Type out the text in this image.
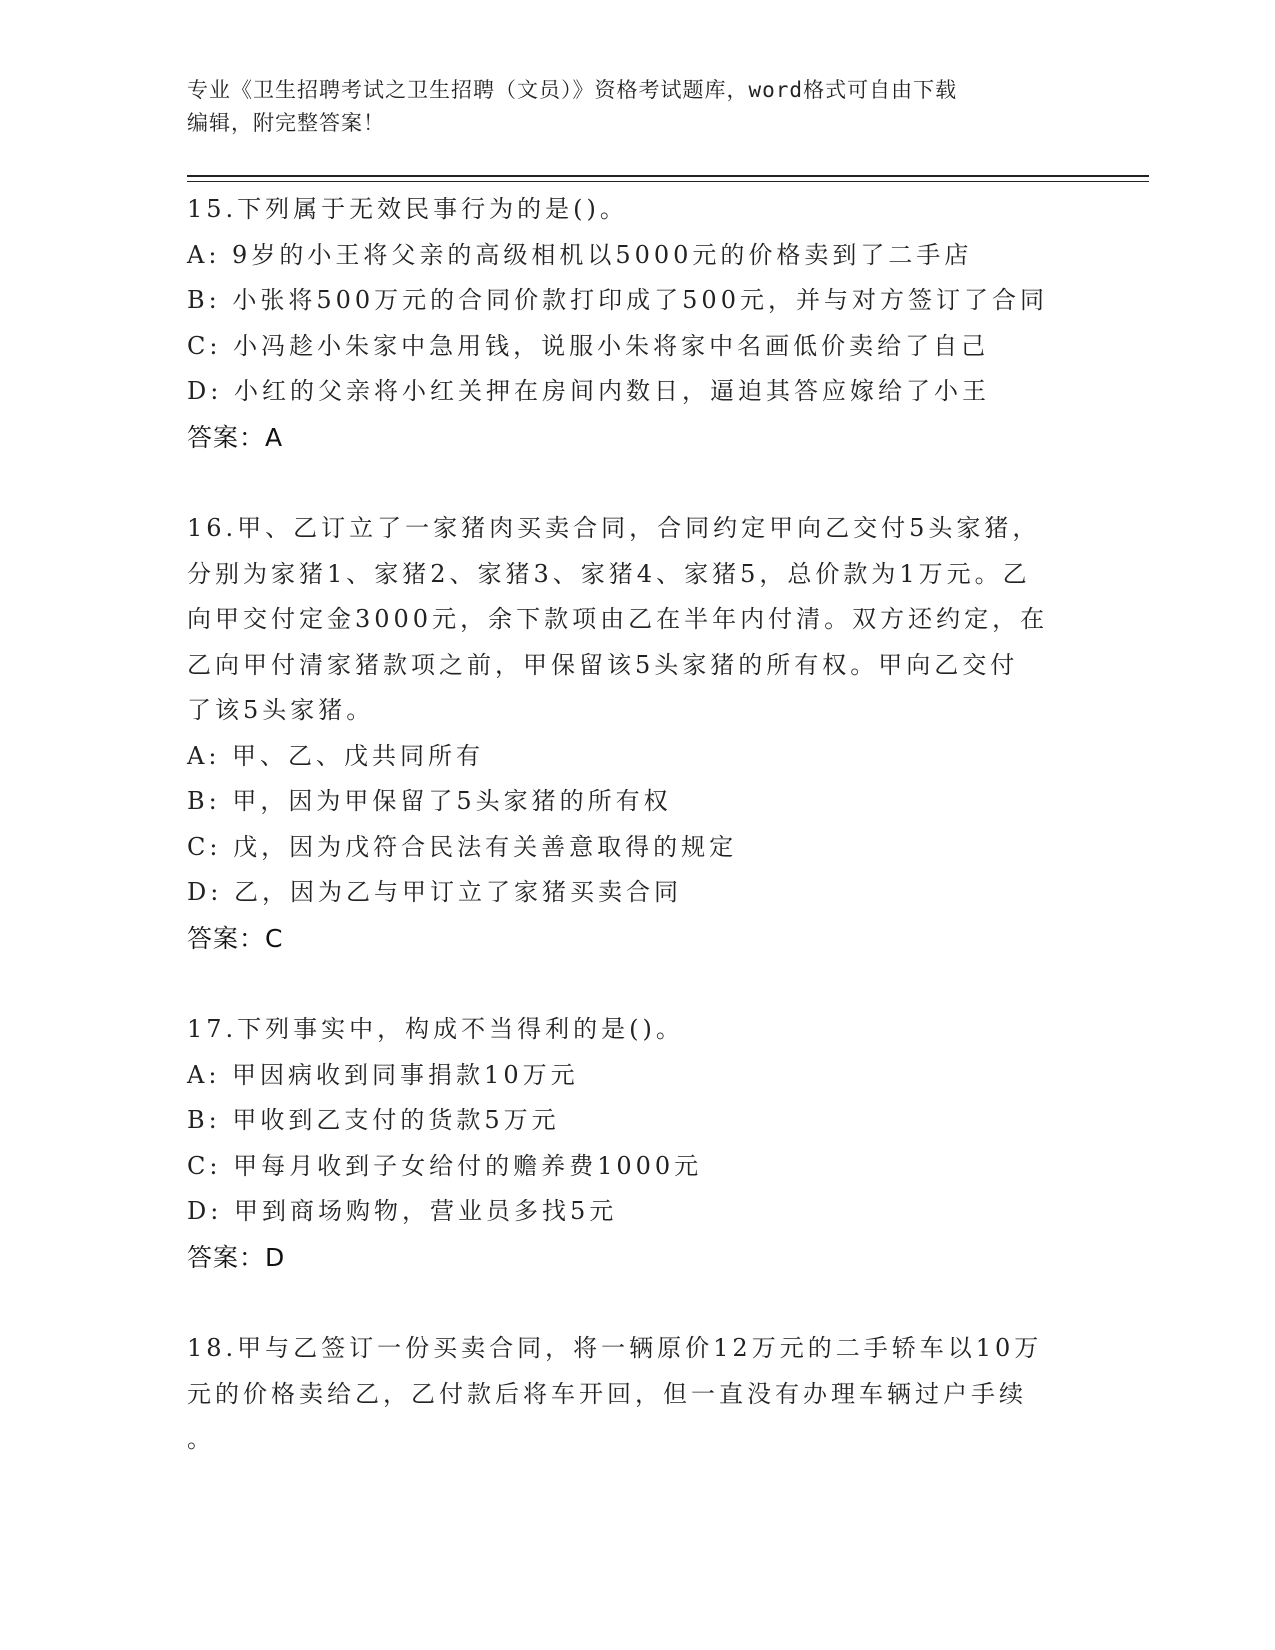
专业《卫生招聘考试之卫生招聘（文员）》资格考试题库，word格式可自由下载
编辑，附完整答案！
15.下列属于无效民事行为的是()。
A: 9岁的小王将父亲的高级相机以5000元的价格卖到了二手店
B: 小张将500万元的合同价款打印成了500元，并与对方签订了合同
C: 小冯趁小朱家中急用钱，说服小朱将家中名画低价卖给了自己
D: 小红的父亲将小红关押在房间内数日，逼迫其答应嫁给了小王
答案：A
16.甲、乙订立了一家猪肉买卖合同，合同约定甲向乙交付5头家猪，
分别为家猪1、家猪2、家猪3、家猪4、家猪5，总价款为1万元。乙
向甲交付定金3000元，余下款项由乙在半年内付清。双方还约定，在
乙向甲付清家猪款项之前，甲保留该5头家猪的所有权。甲向乙交付
了该5头家猪。
A: 甲、乙、戊共同所有
B: 甲，因为甲保留了5头家猪的所有权
C: 戊，因为戊符合民法有关善意取得的规定
D: 乙，因为乙与甲订立了家猪买卖合同
答案：C
17.下列事实中，构成不当得利的是()。
A: 甲因病收到同事捐款10万元
B: 甲收到乙支付的货款5万元
C: 甲每月收到子女给付的赡养费1000元
D: 甲到商场购物，营业员多找5元
答案：D
18.甲与乙签订一份买卖合同，将一辆原价12万元的二手轿车以10万
元的价格卖给乙，乙付款后将车开回，但一直没有办理车辆过户手续
。
